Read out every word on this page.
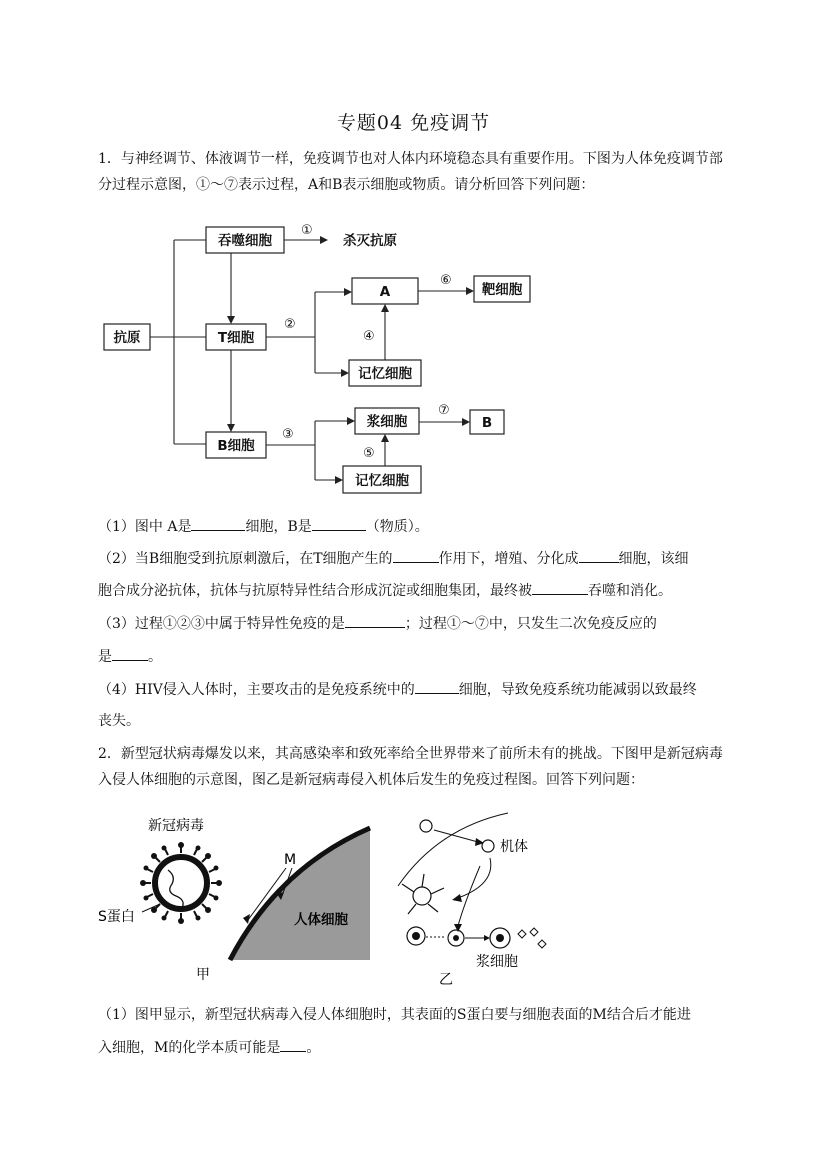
专题04 免疫调节
1．与神经调节、体液调节一样，免疫调节也对人体内环境稳态具有重要作用。下图为人体免疫调节部分过程示意图，①～⑦表示过程，A和B表示细胞或物质。请分析回答下列问题：
抗原
吞噬细胞	杀灭抗原
T细胞
B细胞
A	靶细胞
记忆细胞
浆细胞	B
记忆细胞
①
②
③
④
⑤
⑥
⑦
（1）图中 A是	细胞，B是	（物质）。
（2）当B细胞受到抗原刺激后，在T细胞产生的	作用下，增殖、分化成	细胞，该细
胞合成分泌抗体，抗体与抗原特异性结合形成沉淀或细胞集团，最终被	吞噬和消化。
（3）过程①②③中属于特异性免疫的是	；过程①～⑦中，只发生二次免疫反应的
是	。
（4）HIV侵入人体时，主要攻击的是免疫系统中的	细胞，导致免疫系统功能减弱以致最终
丧失。
2．新型冠状病毒爆发以来，其高感染率和致死率给全世界带来了前所未有的挑战。下图甲是新冠病毒入侵人体细胞的示意图，图乙是新冠病毒侵入机体后发生的免疫过程图。回答下列问题：
新冠病毒
S蛋白	人体细胞
M
甲
机体
浆细胞
乙
（1）图甲显示，新型冠状病毒入侵人体细胞时，其表面的S蛋白要与细胞表面的M结合后才能进
入细胞，M的化学本质可能是 。
